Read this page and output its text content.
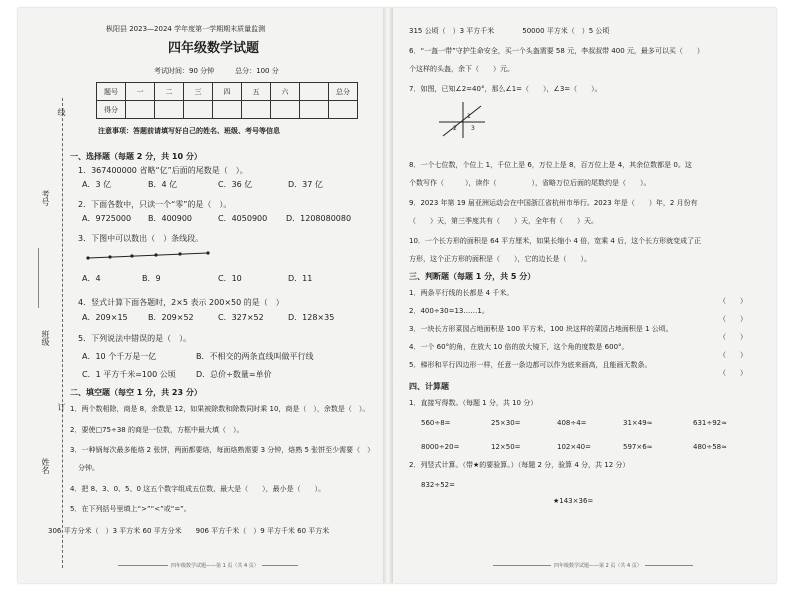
枞阳县 2023—2024 学年度第一学期期末质量监测
四年级数学试题
考试时间：90 分钟　　　总分：100 分
题号	一	二	三	四	五	六		总分
得分								
注意事项：答题前请填写好自己的姓名、班级、考号等信息
线
考号
班级
订
姓名
一、选择题（每题 2 分，共 10 分）
1．367400000 省略“亿”后面的尾数是（　）。
A．3 亿	B．4 亿	C．36 亿	D．37 亿
2．下面各数中，只读一个“零”的是（　）。
A．9725000 B．400900	C．4050900 D．1208080080
3．下图中可以数出（　）条线段。
A．4	B．9	C．10	D．11
4．竖式计算下面各题时，2×5 表示 200×50 的是（　）
A．209×15	B．209×52	C．327×52	D．128×35
5．下列说法中错误的是（　）。
A．10 个千万是一亿	B．不相交的两条直线叫做平行线
C．1 平方千米=100 公顷	D．总价÷数量=单价
二、填空题（每空 1 分，共 23 分）
1．两个数相除，商是 8，余数是 12，如果被除数和除数同时乘 10，商是（　），余数是（　）。
2．要使□75÷38 的商是一位数，方框中最大填（　）。
3．一种锅每次最多能烙 2 张饼，两面都要烙，每面烙熟需要 3 分钟，烙熟 5 张饼至少需要（　）
分钟。
4．把 8、3、0、5、0 这五个数字组成五位数，最大是（　　），最小是（　　）。
5．在下列括号里填上“>”“<”或“=”。
306 平方分米（　）3 平方米 60 平方分米　　906 平方千米（　）9 平方千米 60 平方米
四年级数学试题——第 1 页（共 4 页）
315 公顷（　）3 平方千米　　　　50000 平方米（　）5 公顷
6．“一盔一带”守护生命安全，买一个头盔需要 58 元，李叔叔带 400 元，最多可以买（　　）
个这样的头盔，余下（　　）元。
7．如图，已知∠2=40°，那么∠1=（　　），∠3=（　　）。
1
2 3
8．一个七位数，个位上 1，千位上是 6，万位上是 8，百万位上是 4，其余位数都是 0。这
个数写作（　　　），读作（　　　　　），省略万位后面的尾数约是（　　）。
9．2023 年第 19 届亚洲运动会在中国浙江省杭州市举行。2023 年是（　　）年，2 月份有
（　　）天，第三季度共有（　　）天，全年有（　　）天。
10．一个长方形的面积是 64 平方厘米，如果长缩小 4 倍，宽乘 4 后，这个长方形就变成了正
方形，这个正方形的面积是（　　），它的边长是（　　）。
三、判断题（每题 1 分，共 5 分）
1．两条平行线的长都是 4 千米。
（　　）
2．400÷30=13……1。
（　　）
3．一块长方形菜园占地面积是 100 平方米，100 块这样的菜园占地面积是 1 公顷。
（　　）
4．一个 60°的角，在放大 10 倍的放大镜下，这个角的度数是 600°。
（　　）
5．梯形和平行四边形一样，任意一条边都可以作为底来画高，且能画无数条。
（　　）
四、计算题
1．直接写得数。（每题 1 分，共 10 分）
560÷8=	25×30=	408÷4=	31×49≈	631÷92≈
8000÷20=	12×50=	102×40=	597×6≈	480÷58≈
2．列竖式计算。（带★的要验算。）（每题 2 分，验算 4 分，共 12 分）
832÷52=
★143×36=
四年级数学试题——第 2 页（共 4 页）
